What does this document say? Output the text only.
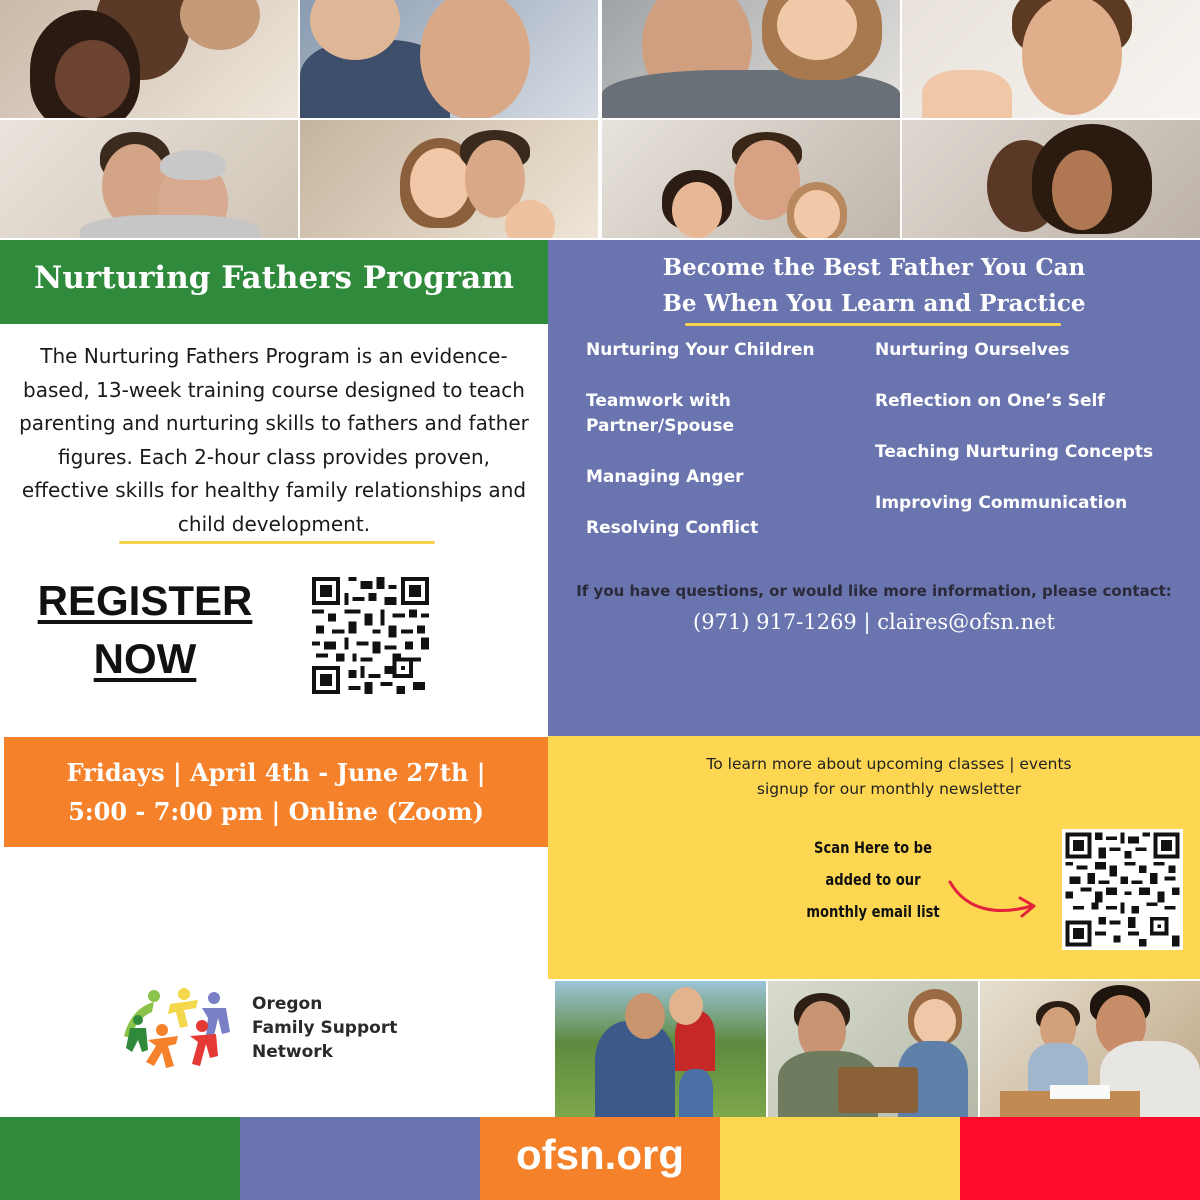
Nurturing Fathers Program
The Nurturing Fathers Program is an evidence-based, 13-week training course designed to teach parenting and nurturing skills to fathers and father figures. Each 2-hour class provides proven, effective skills for healthy family relationships and child development.
REGISTER
NOW
Become the Best Father You Can
Be When You Learn and Practice
Nurturing Your Children
Teamwork with Partner/Spouse
Managing Anger
Resolving Conflict
Nurturing Ourselves
Reflection on One’s Self
Teaching Nurturing Concepts
Improving Communication
If you have questions, or would like more information, please contact:
(971) 917-1269 | claires@ofsn.net
Fridays | April 4th - June 27th |
5:00 - 7:00 pm | Online (Zoom)
To learn more about upcoming classes | events
signup for our monthly newsletter
Scan Here to be
added to our
monthly email list
Oregon
Family Support
Network
ofsn.org
